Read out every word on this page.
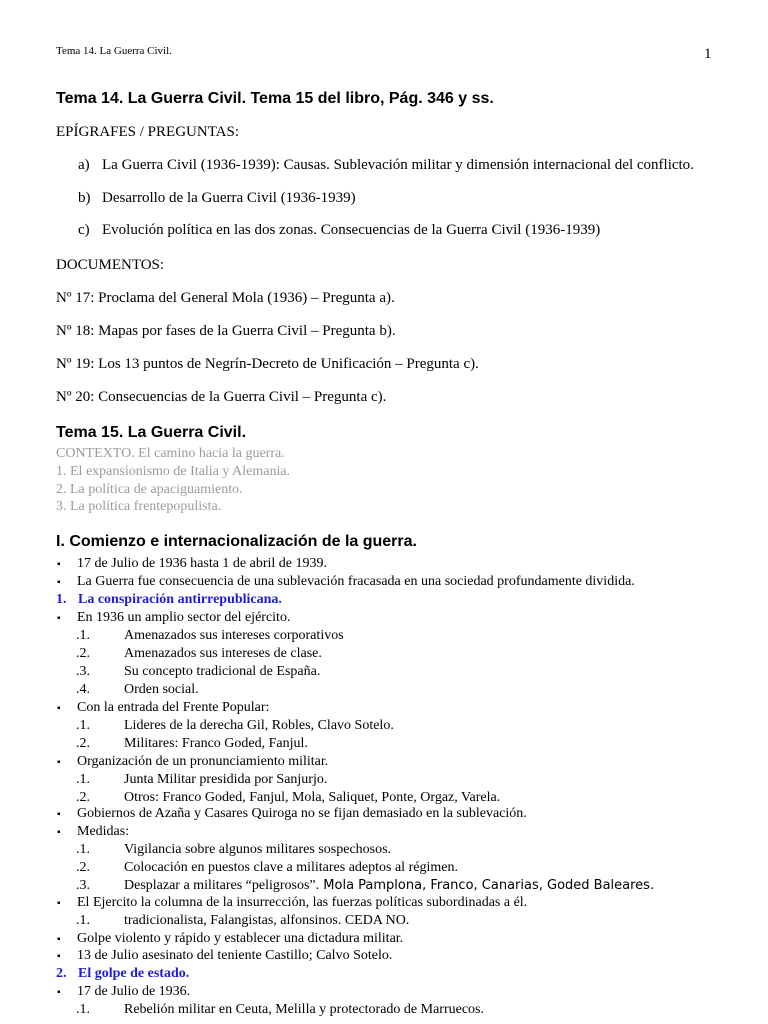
Tema 14. La Guerra Civil.	1
Tema 14. La Guerra Civil. Tema 15 del libro, Pág. 346 y ss.
EPÍGRAFES / PREGUNTAS:
a) La Guerra Civil (1936-1939): Causas. Sublevación militar y dimensión internacional del conflicto.
b) Desarrollo de la Guerra Civil (1936-1939)
c) Evolución política en las dos zonas. Consecuencias de la Guerra Civil (1936-1939)
DOCUMENTOS:
Nº 17: Proclama del General Mola (1936) – Pregunta a).
Nº 18: Mapas por fases de la Guerra Civil – Pregunta b).
Nº 19: Los 13 puntos de Negrín-Decreto de Unificación – Pregunta c).
Nº 20: Consecuencias de la Guerra Civil – Pregunta c).
Tema 15. La Guerra Civil.
CONTEXTO. El camino hacia la guerra.
1. El expansionismo de Italia y Alemania.
2. La política de apaciguamiento.
3. La política frentepopulista.
I. Comienzo e internacionalización de la guerra.
▪ 17 de Julio de 1936 hasta 1 de abril de 1939.
▪ La Guerra fue consecuencia de una sublevación fracasada en una sociedad profundamente dividida.
1. La conspiración antirrepublicana.
▪ En 1936 un amplio sector del ejército.
.1. Amenazados sus intereses corporativos
.2. Amenazados sus intereses de clase.
.3. Su concepto tradicional de España.
.4. Orden social.
▪ Con la entrada del Frente Popular:
.1. Lideres de la derecha Gil, Robles, Clavo Sotelo.
.2. Militares: Franco Goded, Fanjul.
▪ Organización de un pronunciamiento militar.
.1. Junta Militar presidida por Sanjurjo.
.2. Otros: Franco Goded, Fanjul, Mola, Saliquet, Ponte, Orgaz, Varela.
▪ Gobiernos de Azaña y Casares Quiroga no se fijan demasiado en la sublevación.
▪ Medidas:
.1. Vigilancia sobre algunos militares sospechosos.
.2. Colocación en puestos clave a militares adeptos al régimen.
.3. Desplazar a militares “peligrosos”. Mola Pamplona, Franco, Canarias, Goded Baleares.
▪ El Ejercito la columna de la insurrección, las fuerzas políticas subordinadas a él.
.1. tradicionalista, Falangistas, alfonsinos. CEDA NO.
▪ Golpe violento y rápido y establecer una dictadura militar.
▪ 13 de Julio asesinato del teniente Castillo; Calvo Sotelo.
2. El golpe de estado.
▪ 17 de Julio de 1936.
.1. Rebelión militar en Ceuta, Melilla y protectorado de Marruecos.
